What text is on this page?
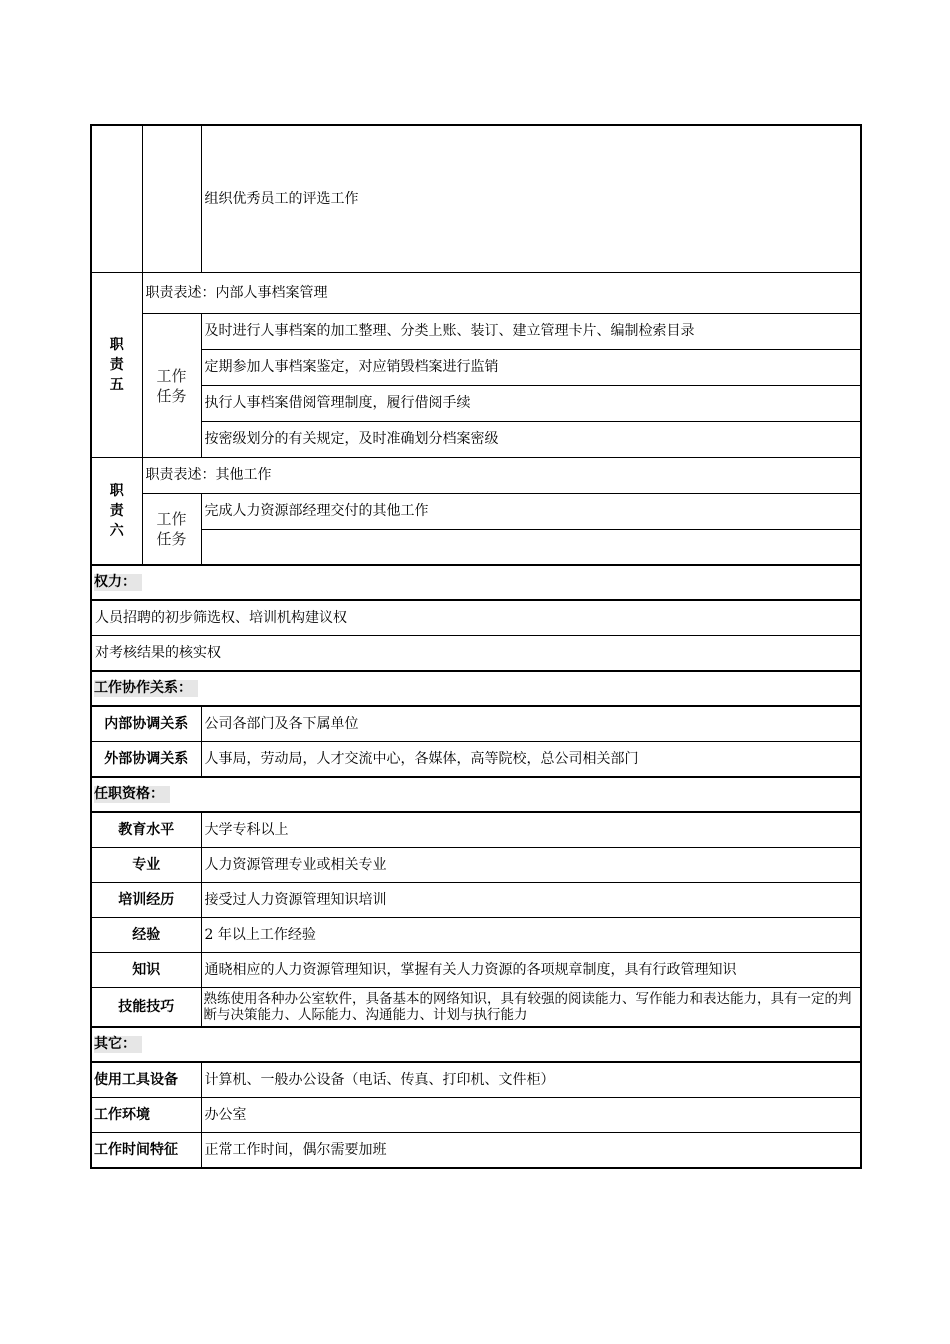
		组织优秀员工的评选工作
职
责
五	职责表述：内部人事档案管理	
	工作
任务	及时进行人事档案的加工整理、分类上账、装订、建立管理卡片、编制检索目录
		定期参加人事档案鉴定，对应销毁档案进行监销
		执行人事档案借阅管理制度，履行借阅手续
		按密级划分的有关规定，及时准确划分档案密级
职
责
六	职责表述：其他工作	
	工作
任务	完成人力资源部经理交付的其他工作

权力：		
人员招聘的初步筛选权、培训机构建议权		
对考核结果的核实权		
工作协作关系：		
内部协调关系		公司各部门及各下属单位
外部协调关系		人事局，劳动局，人才交流中心，各媒体，高等院校，总公司相关部门
任职资格：		
教育水平		大学专科以上
专业		人力资源管理专业或相关专业
培训经历		接受过人力资源管理知识培训
经验		2 年以上工作经验
知识		通晓相应的人力资源管理知识，掌握有关人力资源的各项规章制度，具有行政管理知识
技能技巧		熟练使用各种办公室软件，具备基本的网络知识，具有较强的阅读能力、写作能力和表达能力，具有一定的判断与决策能力、人际能力、沟通能力、计划与执行能力
其它：		
使用工具设备		计算机、一般办公设备（电话、传真、打印机、文件柜）
工作环境		办公室
工作时间特征		正常工作时间，偶尔需要加班
